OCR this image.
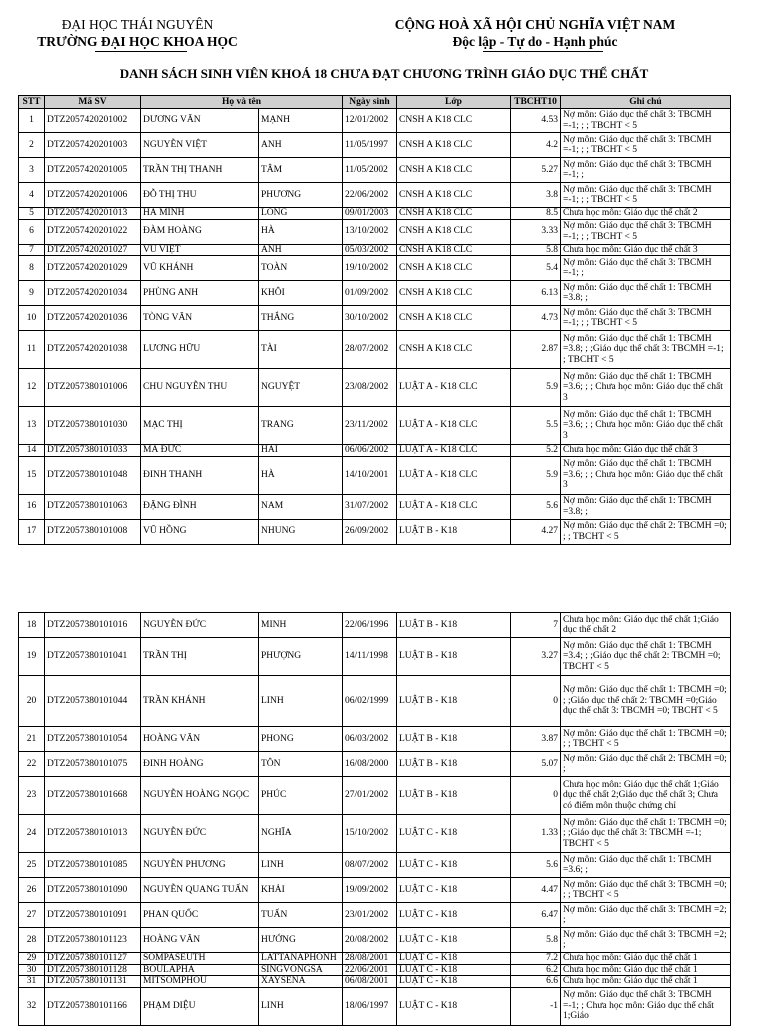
ĐẠI HỌC THÁI NGUYÊN
TRƯỜNG ĐẠI HỌC KHOA HỌC
CỘNG HOÀ XÃ HỘI CHỦ NGHĨA VIỆT NAM
Độc lập - Tự do - Hạnh phúc
DANH SÁCH SINH VIÊN KHOÁ 18 CHƯA ĐẠT CHƯƠNG TRÌNH GIÁO DỤC THỂ CHẤT
STT	Mã SV	Họ và tên		Ngày sinh	Lớp	TBCHT10	Ghi chú
1	DTZ2057420201002	DƯƠNG VĂN	MẠNH	12/01/2002	CNSH A K18 CLC	4.53	Nợ môn: Giáo dục thể chất 3: TBCMH =-1; ; ; TBCHT < 5
2	DTZ2057420201003	NGUYỄN VIỆT	ANH	11/05/1997	CNSH A K18 CLC	4.2	Nợ môn: Giáo dục thể chất 3: TBCMH =-1; ; ; TBCHT < 5
3	DTZ2057420201005	TRẦN THỊ THANH	TÂM	11/05/2002	CNSH A K18 CLC	5.27	Nợ môn: Giáo dục thể chất 3: TBCMH =-1; ;
4	DTZ2057420201006	ĐỖ THỊ THU	PHƯƠNG	22/06/2002	CNSH A K18 CLC	3.8	Nợ môn: Giáo dục thể chất 3: TBCMH =-1; ; ; TBCHT < 5
5	DTZ2057420201013	HÀ MINH	LONG	09/01/2003	CNSH A K18 CLC	8.5	Chưa học môn: Giáo dục thể chất 2
6	DTZ2057420201022	ĐÀM HOÀNG	HÀ	13/10/2002	CNSH A K18 CLC	3.33	Nợ môn: Giáo dục thể chất 3: TBCMH =-1; ; ; TBCHT < 5
7	DTZ2057420201027	VŨ VIỆT	ANH	05/03/2002	CNSH A K18 CLC	5.8	Chưa học môn: Giáo dục thể chất 3
8	DTZ2057420201029	VŨ KHÁNH	TOÀN	19/10/2002	CNSH A K18 CLC	5.4	Nợ môn: Giáo dục thể chất 3: TBCMH =-1; ;
9	DTZ2057420201034	PHÙNG ANH	KHÔI	01/09/2002	CNSH A K18 CLC	6.13	Nợ môn: Giáo dục thể chất 1: TBCMH =3.8; ;
10	DTZ2057420201036	TÒNG VĂN	THẮNG	30/10/2002	CNSH A K18 CLC	4.73	Nợ môn: Giáo dục thể chất 3: TBCMH =-1; ; ; TBCHT < 5
11	DTZ2057420201038	LƯƠNG HỮU	TÀI	28/07/2002	CNSH A K18 CLC	2.87	Nợ môn: Giáo dục thể chất 1: TBCMH =3.8; ; ;Giáo dục thể chất 3: TBCMH =-1; ; TBCHT < 5
12	DTZ2057380101006	CHU NGUYỄN THU	NGUYỆT	23/08/2002	LUẬT A - K18 CLC	5.9	Nợ môn: Giáo dục thể chất 1: TBCMH =3.6; ; ; Chưa học môn: Giáo dục thể chất 3
13	DTZ2057380101030	MẠC THỊ	TRANG	23/11/2002	LUẬT A - K18 CLC	5.5	Nợ môn: Giáo dục thể chất 1: TBCMH =3.6; ; ; Chưa học môn: Giáo dục thể chất 3
14	DTZ2057380101033	MÃ ĐỨC	HẢI	06/06/2002	LUẬT A - K18 CLC	5.2	Chưa học môn: Giáo dục thể chất 3
15	DTZ2057380101048	ĐINH THANH	HÀ	14/10/2001	LUẬT A - K18 CLC	5.9	Nợ môn: Giáo dục thể chất 1: TBCMH =3.6; ; ; Chưa học môn: Giáo dục thể chất 3
16	DTZ2057380101063	ĐẶNG ĐÌNH	NAM	31/07/2002	LUẬT A - K18 CLC	5.6	Nợ môn: Giáo dục thể chất 1: TBCMH =3.8; ;
17	DTZ2057380101008	VŨ HỒNG	NHUNG	26/09/2002	LUẬT B - K18	4.27	Nợ môn: Giáo dục thể chất 2: TBCMH =0; ; ; TBCHT < 5
18	DTZ2057380101016	NGUYỄN ĐỨC	MINH	22/06/1996	LUẬT B - K18	7	Chưa học môn: Giáo dục thể chất 1;Giáo dục thể chất 2
19	DTZ2057380101041	TRẦN THỊ	PHƯỢNG	14/11/1998	LUẬT B - K18	3.27	Nợ môn: Giáo dục thể chất 1: TBCMH =3.4; ; ;Giáo dục thể chất 2: TBCMH =0; TBCHT < 5
20	DTZ2057380101044	TRẦN KHÁNH	LINH	06/02/1999	LUẬT B - K18	0	Nợ môn: Giáo dục thể chất 1: TBCMH =0; ; ;Giáo dục thể chất 2: TBCMH =0;Giáo dục thể chất 3: TBCMH =0; TBCHT < 5
21	DTZ2057380101054	HOÀNG VĂN	PHONG	06/03/2002	LUẬT B - K18	3.87	Nợ môn: Giáo dục thể chất 1: TBCMH =0; ; ; TBCHT < 5
22	DTZ2057380101075	ĐINH HOÀNG	TÔN	16/08/2000	LUẬT B - K18	5.07	Nợ môn: Giáo dục thể chất 2: TBCMH =0; ;
23	DTZ2057380101668	NGUYỄN HOÀNG NGỌC	PHÚC	27/01/2002	LUẬT B - K18	0	Chưa học môn: Giáo dục thể chất 1;Giáo dục thể chất 2;Giáo dục thể chất 3; Chưa có điểm môn thuộc chứng chỉ
24	DTZ2057380101013	NGUYỄN ĐỨC	NGHĨA	15/10/2002	LUẬT C - K18	1.33	Nợ môn: Giáo dục thể chất 1: TBCMH =0; ; ;Giáo dục thể chất 3: TBCMH =-1; TBCHT < 5
25	DTZ2057380101085	NGUYỄN PHƯƠNG	LINH	08/07/2002	LUẬT C - K18	5.6	Nợ môn: Giáo dục thể chất 1: TBCMH =3.6; ;
26	DTZ2057380101090	NGUYỄN QUANG TUẤN	KHẢI	19/09/2002	LUẬT C - K18	4.47	Nợ môn: Giáo dục thể chất 3: TBCMH =0; ; ; TBCHT < 5
27	DTZ2057380101091	PHAN QUỐC	TUẤN	23/01/2002	LUẬT C - K18	6.47	Nợ môn: Giáo dục thể chất 3: TBCMH =2; ;
28	DTZ2057380101123	HOÀNG VĂN	HƯỚNG	20/08/2002	LUẬT C - K18	5.8	Nợ môn: Giáo dục thể chất 3: TBCMH =2; ;
29	DTZ2057380101127	SOMPASEUTH	LATTANAPHONH	28/08/2001	LUẬT C - K18	7.2	Chưa học môn: Giáo dục thể chất 1
30	DTZ2057380101128	BOULAPHA	SINGVONGSA	22/06/2001	LUẬT C - K18	6.2	Chưa học môn: Giáo dục thể chất 1
31	DTZ2057380101131	MITSOMPHOU	XAYSENA	06/08/2001	LUẬT C - K18	6.6	Chưa học môn: Giáo dục thể chất 1
32	DTZ2057380101166	PHẠM DIỆU	LINH	18/06/1997	LUẬT C - K18	-1	Nợ môn: Giáo dục thể chất 3: TBCMH =-1; ; Chưa học môn: Giáo dục thể chất 1;Giáo
